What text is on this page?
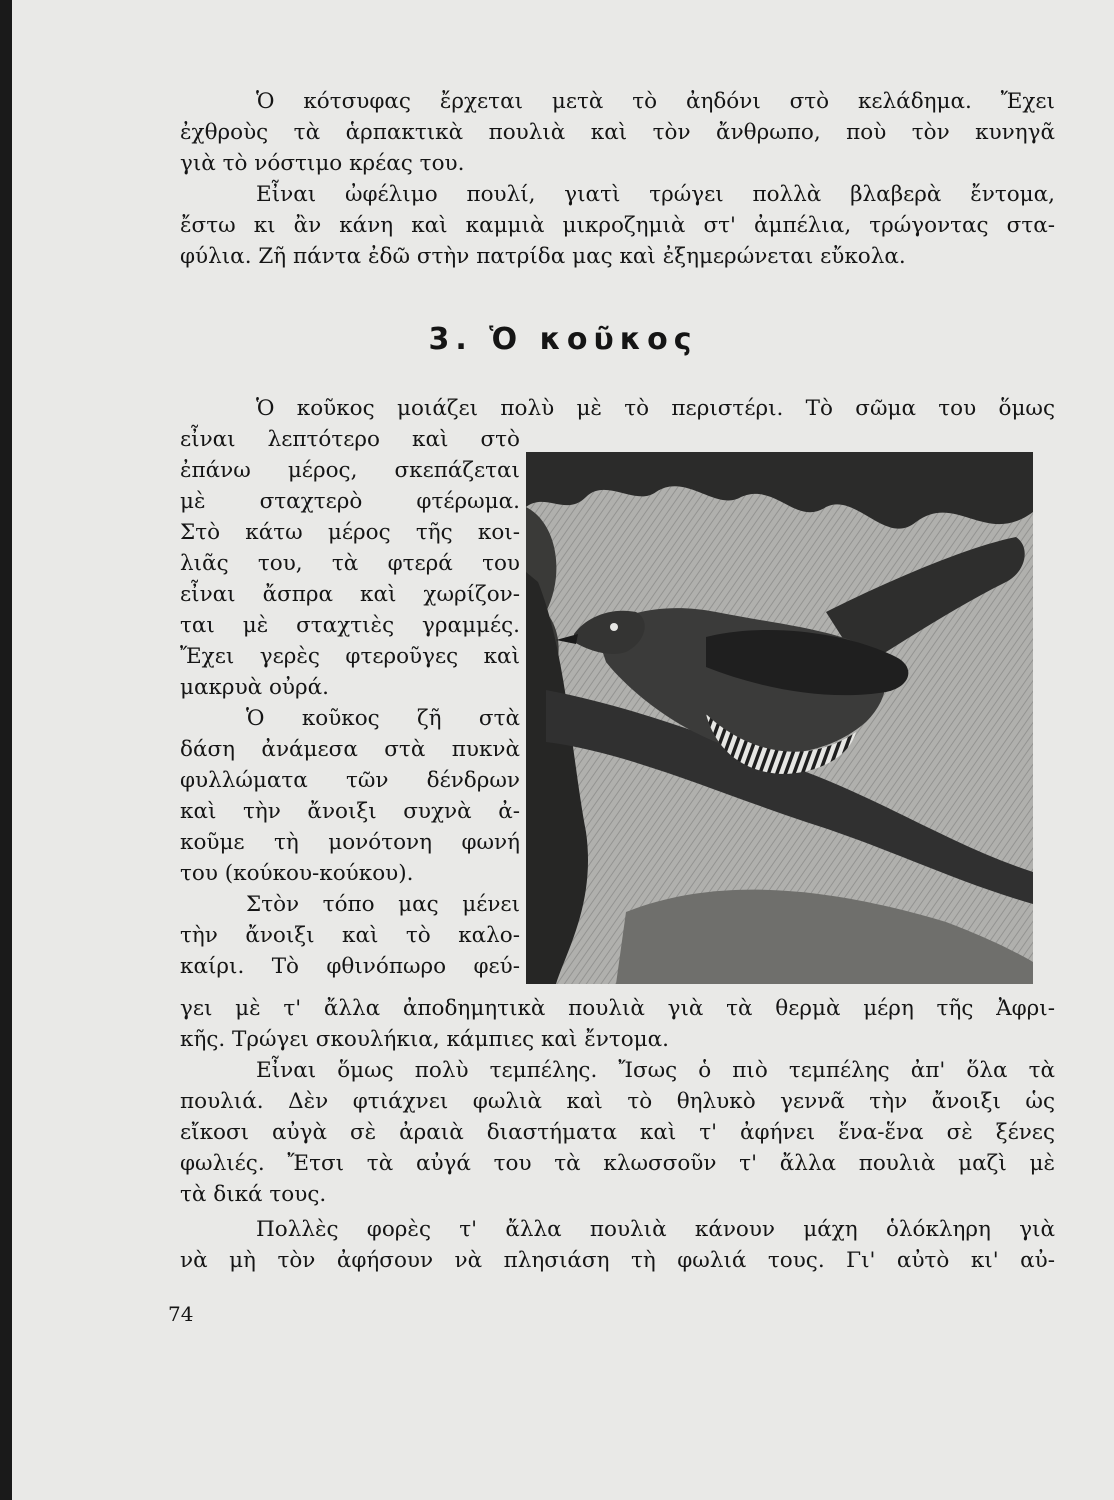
Ὁ κότσυφας ἔρχεται μετὰ τὸ ἀηδόνι στὸ κελάδημα. Ἔχει
ἐχθροὺς τὰ ἁρπακτικὰ πουλιὰ καὶ τὸν ἄνθρωπο, ποὺ τὸν κυνηγᾶ
γιὰ τὸ νόστιμο κρέας του.

Εἶναι ὠφέλιμο πουλί, γιατὶ τρώγει πολλὰ βλαβερὰ ἔντομα,
ἔστω κι ἂν κάνη καὶ καμμιὰ μικροζημιὰ στ' ἀμπέλια, τρώγοντας στα-
φύλια. Ζῆ πάντα ἐδῶ στὴν πατρίδα μας καὶ ἐξημερώνεται εὔκολα.

3. Ὁ κοῦκος

Ὁ κοῦκος μοιάζει πολὺ μὲ τὸ περιστέρι. Τὸ σῶμα του ὅμως

εἶναι λεπτότερο καὶ στὸ
ἐπάνω μέρος, σκεπάζεται
μὲ σταχτερὸ φτέρωμα.
Στὸ κάτω μέρος τῆς κοι-
λιᾶς του, τὰ φτερά του
εἶναι ἄσπρα καὶ χωρίζον-
ται μὲ σταχτιὲς γραμμές.
Ἔχει γερὲς φτεροῦγες καὶ
μακρυὰ οὐρά.
Ὁ κοῦκος ζῆ στὰ
δάση ἀνάμεσα στὰ πυκνὰ
φυλλώματα τῶν δένδρων
καὶ τὴν ἄνοιξι συχνὰ ἀ-
κοῦμε τὴ μονότονη φωνή
του (κούκου-κούκου).
Στὸν τόπο μας μένει
τὴν ἄνοιξι καὶ τὸ καλο-
καίρι. Τὸ φθινόπωρο φεύ-

γει μὲ τ' ἄλλα ἀποδημητικὰ πουλιὰ γιὰ τὰ θερμὰ μέρη τῆς Ἀφρι-
κῆς. Τρώγει σκουλήκια, κάμπιες καὶ ἔντομα.

Εἶναι ὅμως πολὺ τεμπέλης. Ἴσως ὁ πιὸ τεμπέλης ἀπ' ὅλα τὰ
πουλιά. Δὲν φτιάχνει φωλιὰ καὶ τὸ θηλυκὸ γεννᾶ τὴν ἄνοιξι ὡς
εἴκοσι αὐγὰ σὲ ἀραιὰ διαστήματα καὶ τ' ἀφήνει ἕνα-ἕνα σὲ ξένες
φωλιές. Ἔτσι τὰ αὐγά του τὰ κλωσσοῦν τ' ἄλλα πουλιὰ μαζὶ μὲ
τὰ δικά τους.

Πολλὲς φορὲς τ' ἄλλα πουλιὰ κάνουν μάχη ὁλόκληρη γιὰ
νὰ μὴ τὸν ἀφήσουν νὰ πλησιάση τὴ φωλιά τους. Γι' αὐτὸ κι' αὐ-

74
